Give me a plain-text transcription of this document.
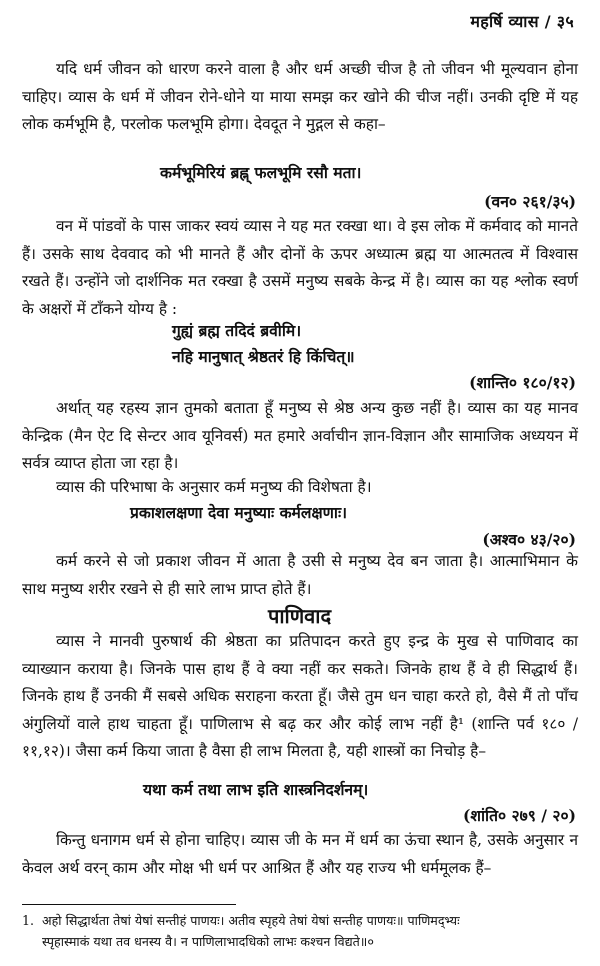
महर्षि व्यास / ३५

यदि धर्म जीवन को धारण करने वाला है और धर्म अच्छी चीज है तो जीवन भी मूल्यवान होना चाहिए। व्यास के धर्म में जीवन रोने-धोने या माया समझ कर खोने की चीज नहीं। उनकी दृष्टि में यह लोक कर्मभूमि है, परलोक फलभूमि होगा। देवदूत ने मुद्गल से कहा–

कर्मभूमिरियं ब्रह्न् फलभूमि रसौ मता।
(वन० २६१/३५)

वन में पांडवों के पास जाकर स्वयं व्यास ने यह मत रक्खा था। वे इस लोक में कर्मवाद को मानते हैं। उसके साथ देववाद को भी मानते हैं और दोनों के ऊपर अध्यात्म ब्रह्म या आत्मतत्व में विश्वास रखते हैं। उन्होंने जो दार्शनिक मत रक्खा है उसमें मनुष्य सबके केन्द्र में है। व्यास का यह श्लोक स्वर्ण के अक्षरों में टाँकने योग्य है :

गुह्यं ब्रह्म तदिदं ब्रवीमि।
नहि मानुषात् श्रेष्ठतरं हि किंचित्॥
(शान्ति० १८०/१२)

अर्थात् यह रहस्य ज्ञान तुमको बताता हूँ मनुष्य से श्रेष्ठ अन्य कुछ नहीं है। व्यास का यह मानव केन्द्रिक (मैन ऐट दि सेन्टर आव यूनिवर्स) मत हमारे अर्वाचीन ज्ञान-विज्ञान और सामाजिक अध्ययन में सर्वत्र व्याप्त होता जा रहा है।

व्यास की परिभाषा के अनुसार कर्म मनुष्य की विशेषता है।

प्रकाशलक्षणा देवा मनुष्याः कर्मलक्षणाः।
(अश्व० ४३/२०)

कर्म करने से जो प्रकाश जीवन में आता है उसी से मनुष्य देव बन जाता है। आत्माभिमान के साथ मनुष्य शरीर रखने से ही सारे लाभ प्राप्त होते हैं।

पाणिवाद

व्यास ने मानवी पुरुषार्थ की श्रेष्ठता का प्रतिपादन करते हुए इन्द्र के मुख से पाणिवाद का व्याख्यान कराया है। जिनके पास हाथ हैं वे क्या नहीं कर सकते। जिनके हाथ हैं वे ही सिद्धार्थ हैं। जिनके हाथ हैं उनकी मैं सबसे अधिक सराहना करता हूँ। जैसे तुम धन चाहा करते हो, वैसे मैं तो पाँच अंगुलियों वाले हाथ चाहता हूँ। पाणिलाभ से बढ़ कर और कोई लाभ नहीं है¹ (शान्ति पर्व १८० / ११,१२)। जैसा कर्म किया जाता है वैसा ही लाभ मिलता है, यही शास्त्रों का निचोड़ है–

यथा कर्म तथा लाभ इति शास्त्रनिदर्शनम्।
(शांति० २७९ / २०)

किन्तु धनागम धर्म से होना चाहिए। व्यास जी के मन में धर्म का ऊंचा स्थान है, उसके अनुसार न केवल अर्थ वरन् काम और मोक्ष भी धर्म पर आश्रित हैं और यह राज्य भी धर्ममूलक हैं–

1. अहो सिद्धार्थता तेषां येषां सन्तीहं पाणयः। अतीव स्पृहये तेषां येषां सन्तीह पाणयः॥ पाणिमद्भ्यः
स्पृहास्माकं यथा तव धनस्य वै। न पाणिलाभादधिको लाभः कश्चन विद्यते॥०
